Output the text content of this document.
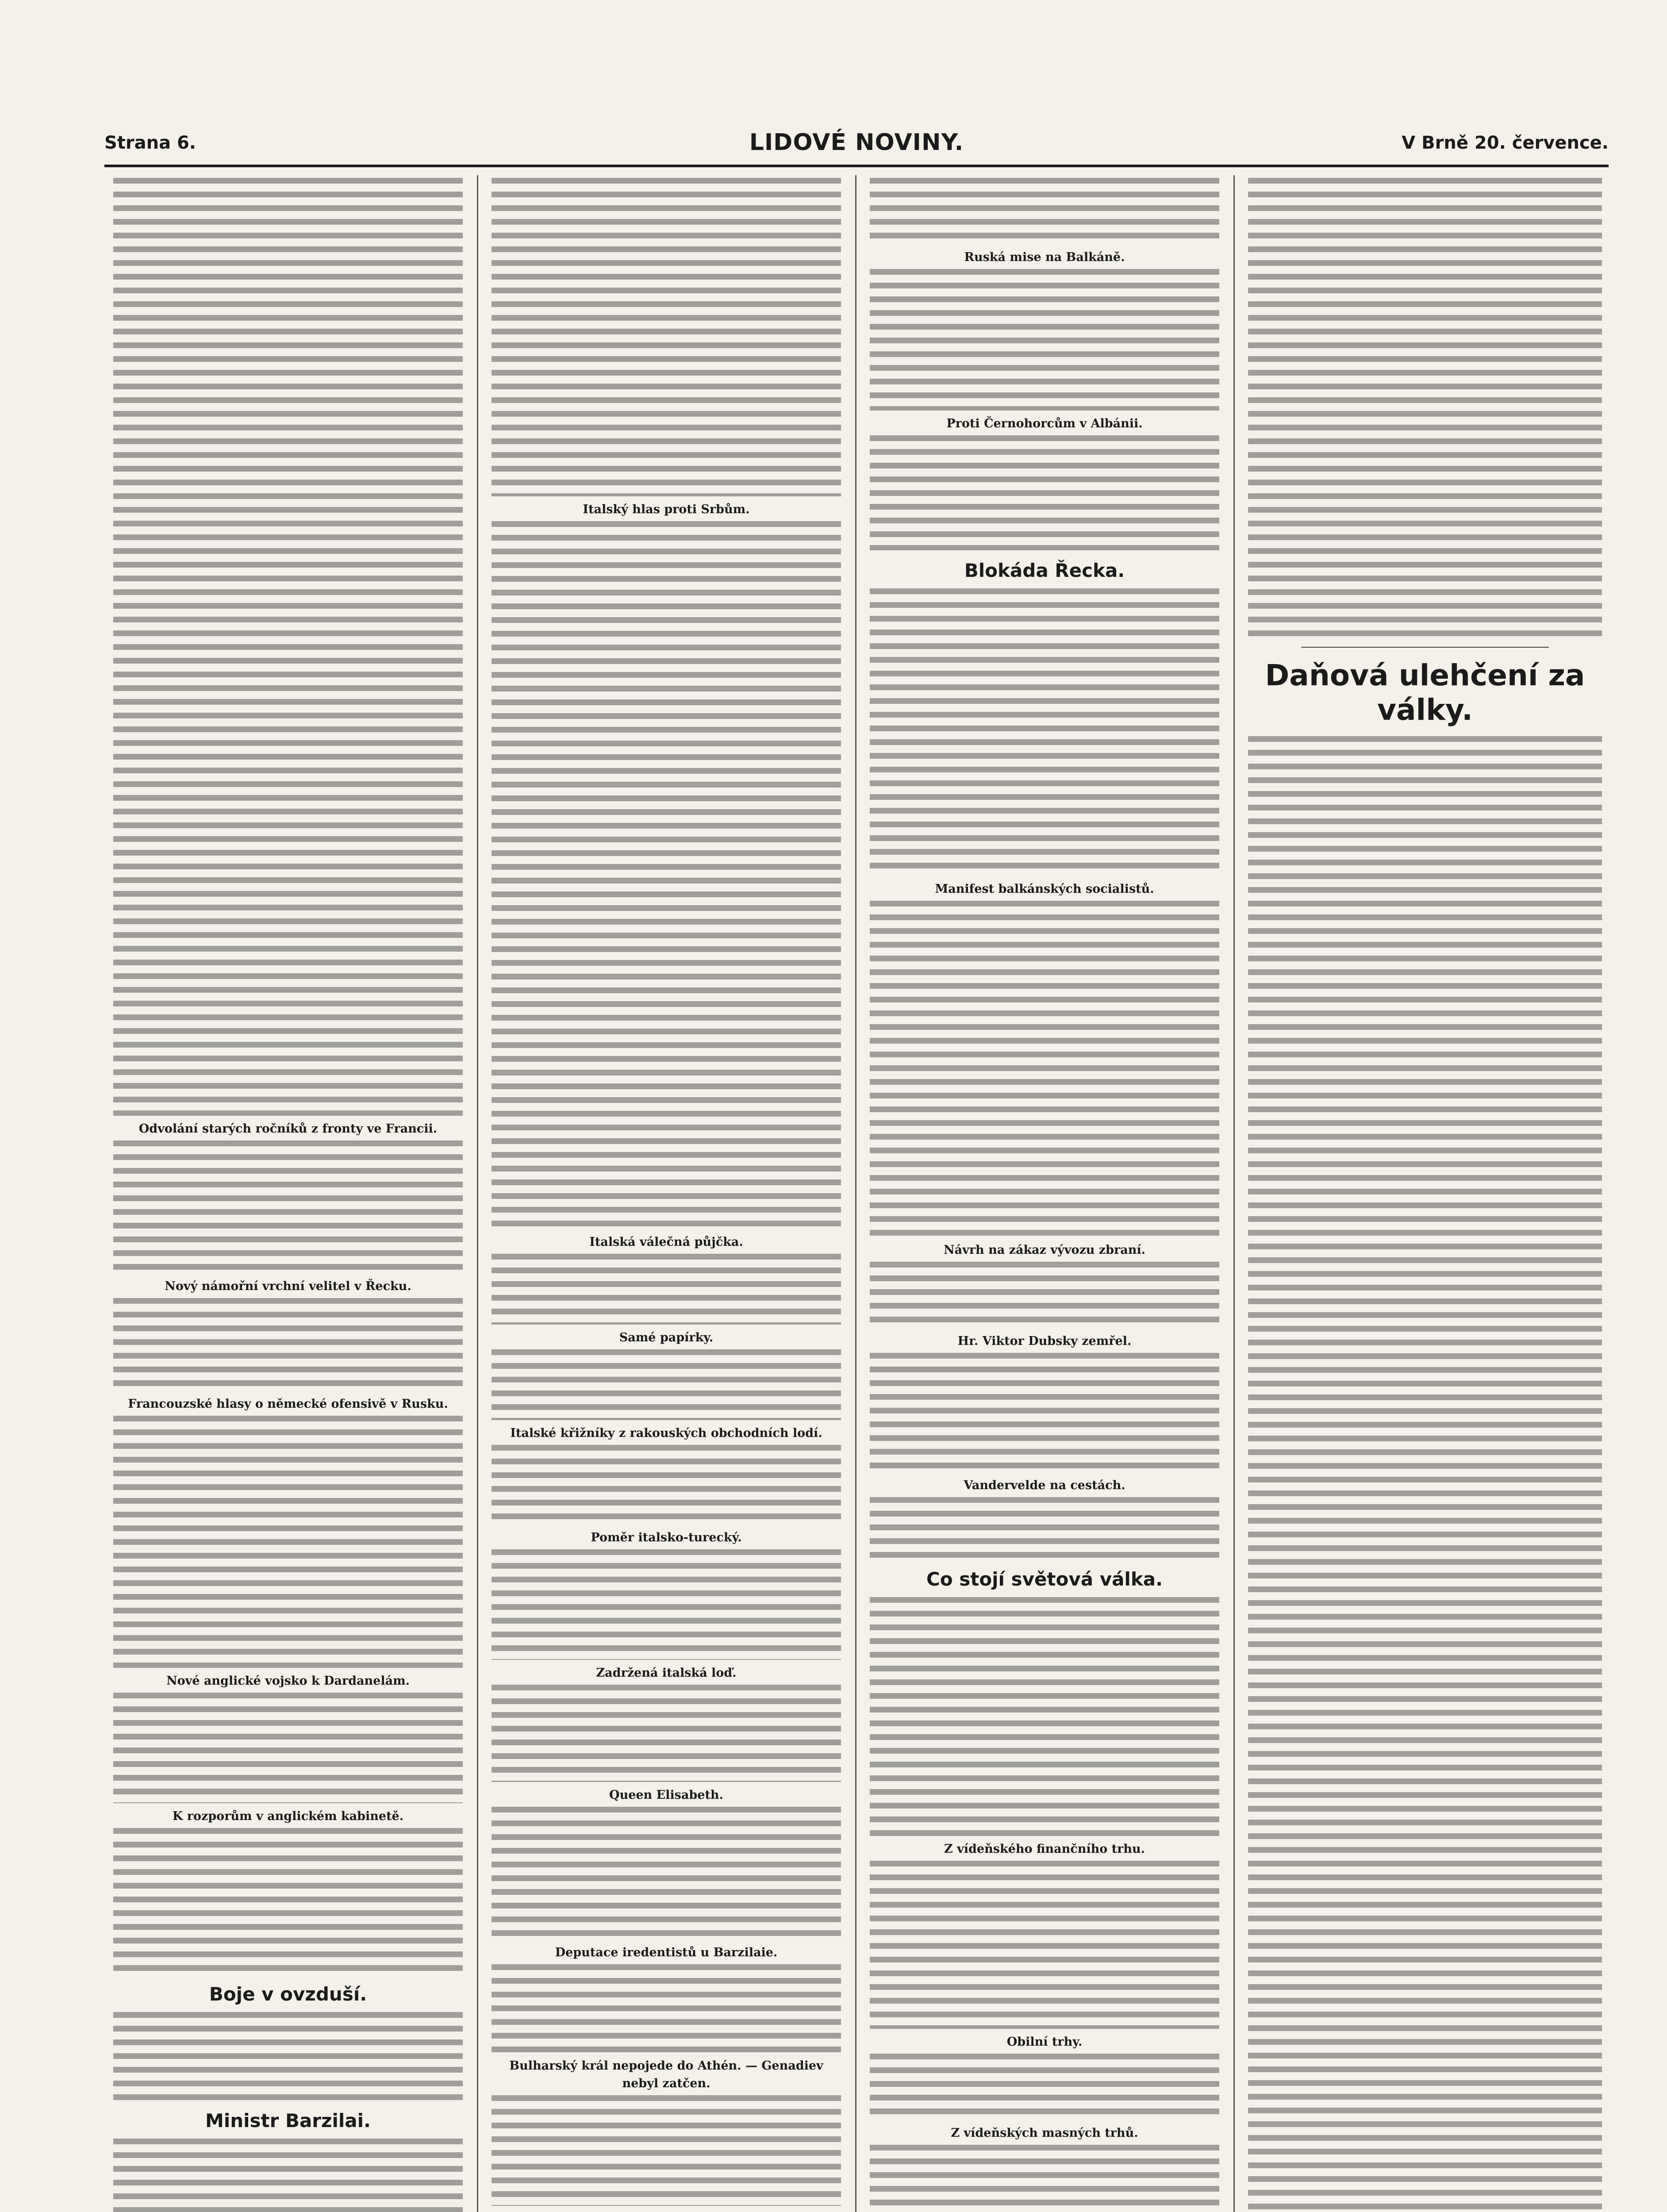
Strana 6.	LIDOVÉ NOVINY.	V Brně 20. července.
Odvolání starých ročníků z fronty ve Francii.
Nový námořní vrchní velitel v Řecku.
Francouzské hlasy o německé ofensivě v Rusku.
Nové anglické vojsko k Dardanelám.
K rozporům v anglickém kabinetě.
Boje v ovzduší.
Ministr Barzilai.
Italský hlas proti Srbům.
Italská válečná půjčka.
Samé papírky.
Italské křižníky z rakouských obchodních lodí.
Poměr italsko-turecký.
Zadržená italská loď.
Queen Elisabeth.
Deputace iredentistů u Barzilaie.
Bulharský král nepojede do Athén. — Genadiev nebyl zatčen.
Ruská mise na Balkáně.
Proti Černohorcům v Albánii.
Blokáda Řecka.
Manifest balkánských socialistů.
Návrh na zákaz vývozu zbraní.
Hr. Viktor Dubsky zemřel.
Vandervelde na cestách.
Co stojí světová válka.
Z vídeňského finančního trhu.
Obilní trhy.
Z vídeňských masných trhů.
Daňová ulehčení za války.
